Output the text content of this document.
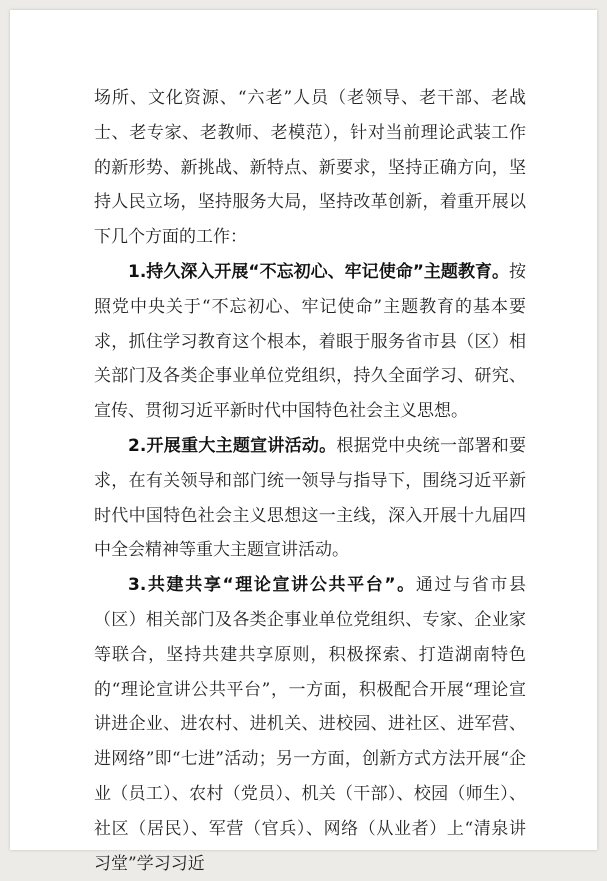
场所、文化资源、“六老”人员（老领导、老干部、老战士、老专家、老教师、老模范），针对当前理论武装工作的新形势、新挑战、新特点、新要求，坚持正确方向，坚持人民立场，坚持服务大局，坚持改革创新，着重开展以下几个方面的工作：

1.持久深入开展“不忘初心、牢记使命”主题教育。按照党中央关于“不忘初心、牢记使命”主题教育的基本要求，抓住学习教育这个根本，着眼于服务省市县（区）相关部门及各类企事业单位党组织，持久全面学习、研究、宣传、贯彻习近平新时代中国特色社会主义思想。

2.开展重大主题宣讲活动。根据党中央统一部署和要求，在有关领导和部门统一领导与指导下，围绕习近平新时代中国特色社会主义思想这一主线，深入开展十九届四中全会精神等重大主题宣讲活动。

3.共建共享“理论宣讲公共平台”。通过与省市县（区）相关部门及各类企事业单位党组织、专家、企业家等联合，坚持共建共享原则，积极探索、打造湖南特色的“理论宣讲公共平台”，一方面，积极配合开展“理论宣讲进企业、进农村、进机关、进校园、进社区、进军营、进网络”即“七进”活动；另一方面，创新方式方法开展“企业（员工）、农村（党员）、机关（干部）、校园（师生）、社区（居民）、军营（官兵）、网络（从业者）上“清泉讲习堂”学习习近
